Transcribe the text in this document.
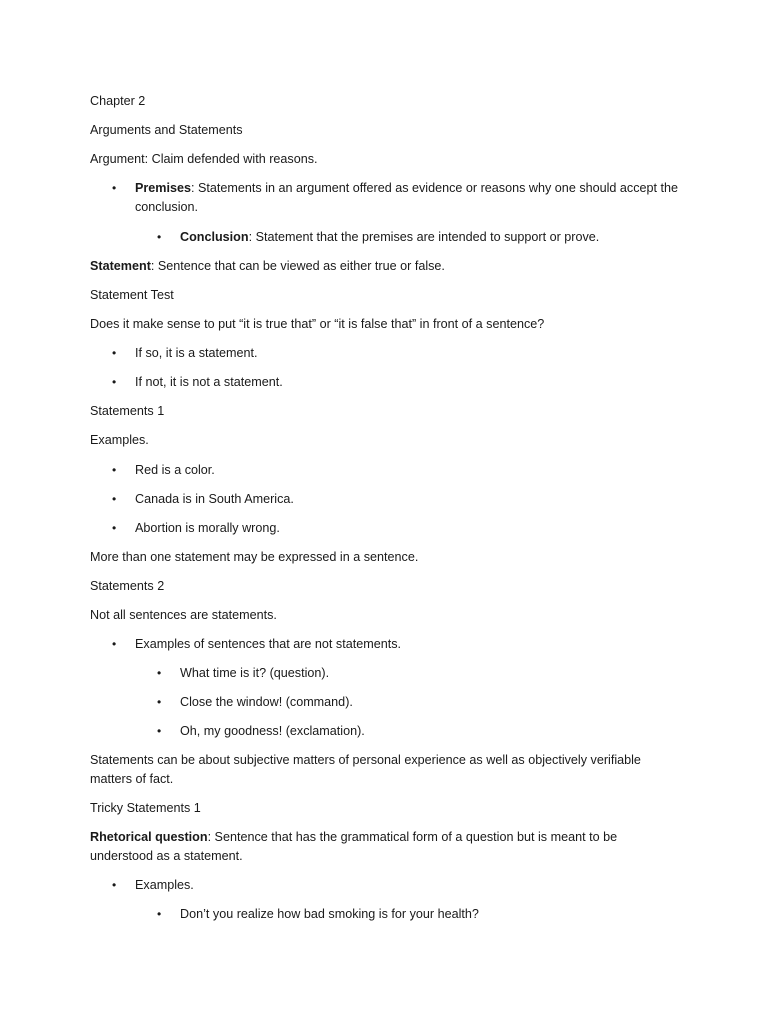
Chapter 2

Arguments and Statements

Argument: Claim defended with reasons.

•	Premises: Statements in an argument offered as evidence or reasons why one should accept the conclusion.

•	Conclusion: Statement that the premises are intended to support or prove.

Statement: Sentence that can be viewed as either true or false.

Statement Test

Does it make sense to put “it is true that” or “it is false that” in front of a sentence?

•	If so, it is a statement.

•	If not, it is not a statement.

Statements 1

Examples.

•	Red is a color.

•	Canada is in South America.

•	Abortion is morally wrong.

More than one statement may be expressed in a sentence.

Statements 2

Not all sentences are statements.

•	Examples of sentences that are not statements.

•	What time is it? (question).

•	Close the window! (command).

•	Oh, my goodness! (exclamation).

Statements can be about subjective matters of personal experience as well as objectively verifiable matters of fact.

Tricky Statements 1

Rhetorical question: Sentence that has the grammatical form of a question but is meant to be understood as a statement.

•	Examples.

•	Don’t you realize how bad smoking is for your health?
